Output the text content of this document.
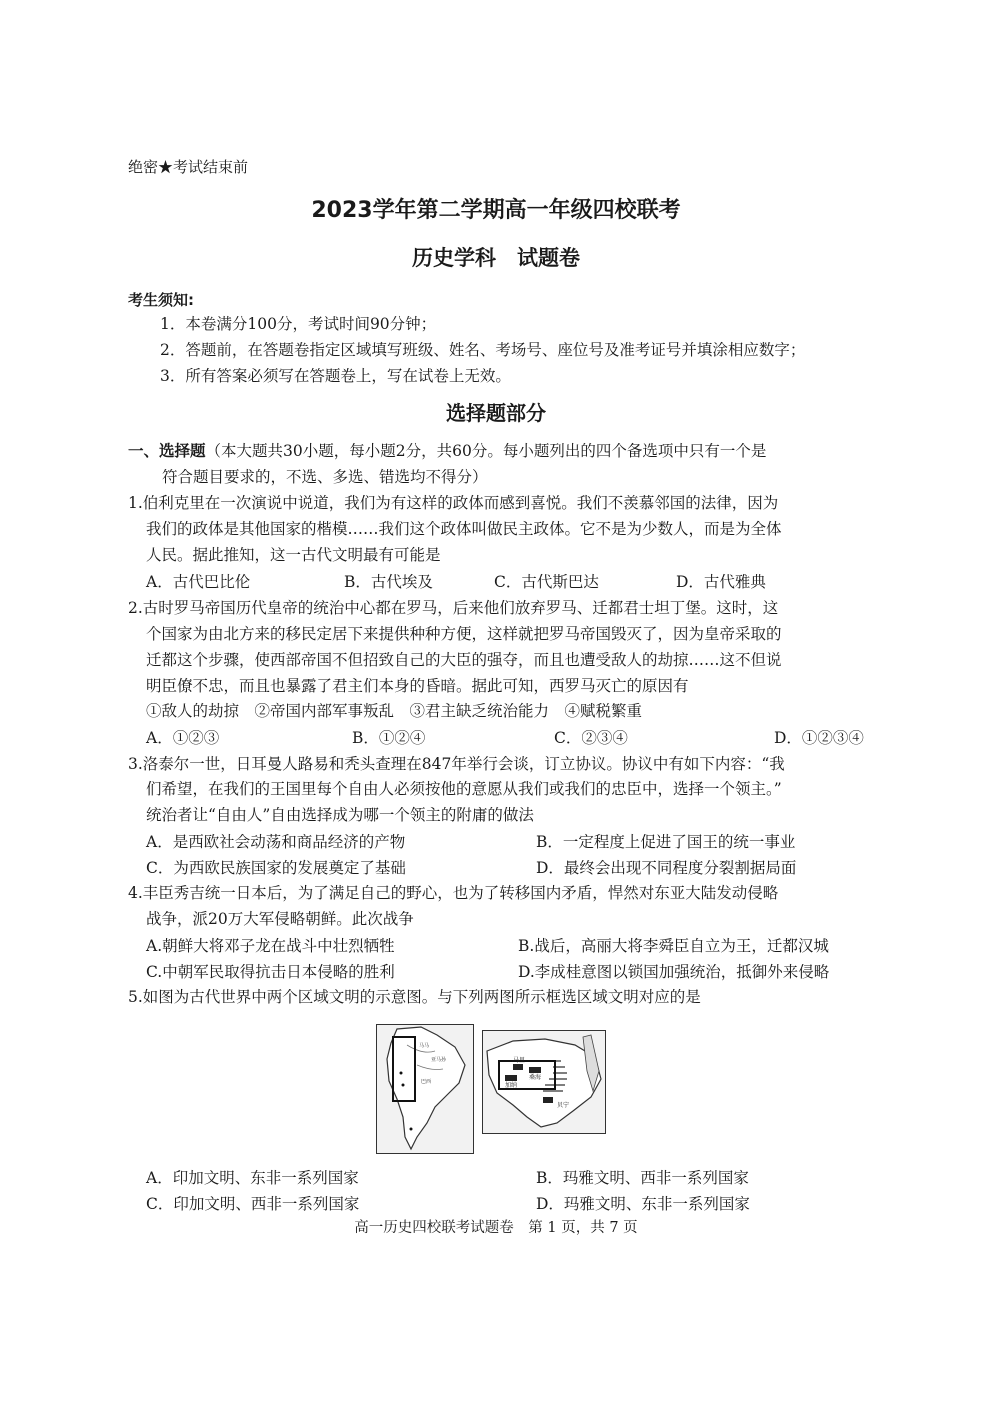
绝密★考试结束前
2023学年第二学期高一年级四校联考
历史学科　试题卷
考生须知:
1．本卷满分100分，考试时间90分钟；
2．答题前，在答题卷指定区域填写班级、姓名、考场号、座位号及准考证号并填涂相应数字；
3．所有答案必须写在答题卷上，写在试卷上无效。
选择题部分
一、选择题（本大题共30小题，每小题2分，共60分。每小题列出的四个备选项中只有一个是
符合题目要求的，不选、多选、错选均不得分）
1.伯利克里在一次演说中说道，我们为有这样的政体而感到喜悦。我们不羡慕邻国的法律，因为
我们的政体是其他国家的楷模……我们这个政体叫做民主政体。它不是为少数人，而是为全体
人民。据此推知，这一古代文明最有可能是
A．古代巴比伦	B．古代埃及	C．古代斯巴达	D．古代雅典
2.古时罗马帝国历代皇帝的统治中心都在罗马，后来他们放弃罗马、迁都君士坦丁堡。这时，这
个国家为由北方来的移民定居下来提供种种方便，这样就把罗马帝国毁灭了，因为皇帝采取的
迁都这个步骤，使西部帝国不但招致自己的大臣的强夺，而且也遭受敌人的劫掠……这不但说
明臣僚不忠，而且也暴露了君主们本身的昏暗。据此可知，西罗马灭亡的原因有
①敌人的劫掠　②帝国内部军事叛乱　③君主缺乏统治能力　④赋税繁重
A．①②③	B．①②④	C．②③④	D．①②③④
3.洛泰尔一世，日耳曼人路易和秃头查理在847年举行会谈，订立协议。协议中有如下内容：“我
们希望，在我们的王国里每个自由人必须按他的意愿从我们或我们的忠臣中，选择一个领主。”
统治者让“自由人”自由选择成为哪一个领主的附庸的做法
A．是西欧社会动荡和商品经济的产物	B．一定程度上促进了国王的统一事业
C．为西欧民族国家的发展奠定了基础	D．最终会出现不同程度分裂割据局面
4.丰臣秀吉统一日本后，为了满足自己的野心，也为了转移国内矛盾，悍然对东亚大陆发动侵略
战争，派20万大军侵略朝鲜。此次战争
A.朝鲜大将邓子龙在战斗中壮烈牺牲	B.战后，高丽大将李舜臣自立为王，迁都汉城
C.中朝军民取得抗击日本侵略的胜利	D.李成桂意图以锁国加强统治，抵御外来侵略
5.如图为古代世界中两个区域文明的示意图。与下列两图所示框选区域文明对应的是
马马
亚马孙
巴西
马里
桑海
加纳
贝宁
A．印加文明、东非一系列国家	B．玛雅文明、西非一系列国家
C．印加文明、西非一系列国家	D．玛雅文明、东非一系列国家
高一历史四校联考试题卷　第 1 页，共 7 页
